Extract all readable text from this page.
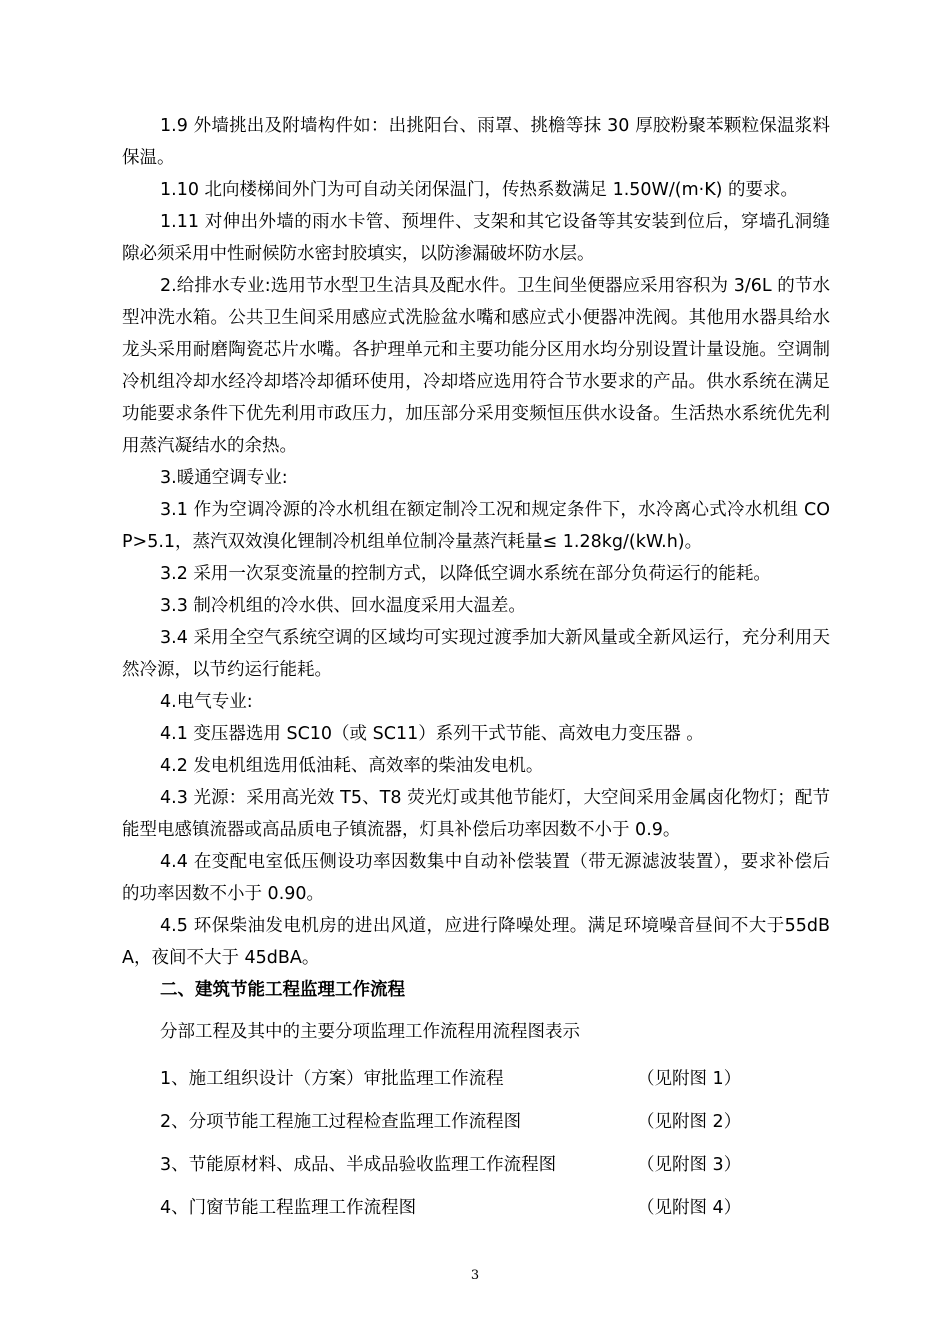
1.9 外墙挑出及附墙构件如：出挑阳台、雨罩、挑檐等抹 30 厚胶粉聚苯颗粒保温浆料保温。

1.10 北向楼梯间外门为可自动关闭保温门，传热系数满足 1.50W/(m·K) 的要求。

1.11 对伸出外墙的雨水卡管、预埋件、支架和其它设备等其安装到位后，穿墙孔洞缝隙必须采用中性耐候防水密封胶填实，以防渗漏破坏防水层。

2.给排水专业:选用节水型卫生洁具及配水件。卫生间坐便器应采用容积为 3/6L 的节水型冲洗水箱。公共卫生间采用感应式洗脸盆水嘴和感应式小便器冲洗阀。其他用水器具给水龙头采用耐磨陶瓷芯片水嘴。各护理单元和主要功能分区用水均分别设置计量设施。空调制冷机组冷却水经冷却塔冷却循环使用，冷却塔应选用符合节水要求的产品。供水系统在满足功能要求条件下优先利用市政压力，加压部分采用变频恒压供水设备。生活热水系统优先利用蒸汽凝结水的余热。

3.暖通空调专业:

3.1 作为空调冷源的冷水机组在额定制冷工况和规定条件下，水冷离心式冷水机组 COP>5.1，蒸汽双效溴化锂制冷机组单位制冷量蒸汽耗量≤ 1.28kg/(kW.h)。

3.2 采用一次泵变流量的控制方式，以降低空调水系统在部分负荷运行的能耗。

3.3 制冷机组的冷水供、回水温度采用大温差。

3.4 采用全空气系统空调的区域均可实现过渡季加大新风量或全新风运行，充分利用天然冷源，以节约运行能耗。

4.电气专业:

4.1 变压器选用 SC10（或 SC11）系列干式节能、高效电力变压器 。

4.2 发电机组选用低油耗、高效率的柴油发电机。

4.3 光源：采用高光效 T5、T8 荧光灯或其他节能灯，大空间采用金属卤化物灯；配节能型电感镇流器或高品质电子镇流器，灯具补偿后功率因数不小于 0.9。

4.4 在变配电室低压侧设功率因数集中自动补偿装置（带无源滤波装置），要求补偿后的功率因数不小于 0.90。

4.5 环保柴油发电机房的进出风道，应进行降噪处理。满足环境噪音昼间不大于55dBA，夜间不大于 45dBA。

二、建筑节能工程监理工作流程

分部工程及其中的主要分项监理工作流程用流程图表示

1、施工组织设计（方案）审批监理工作流程	（见附图 1）
2、分项节能工程施工过程检查监理工作流程图	（见附图 2）
3、节能原材料、成品、半成品验收监理工作流程图	（见附图 3）
4、门窗节能工程监理工作流程图	（见附图 4）
3
